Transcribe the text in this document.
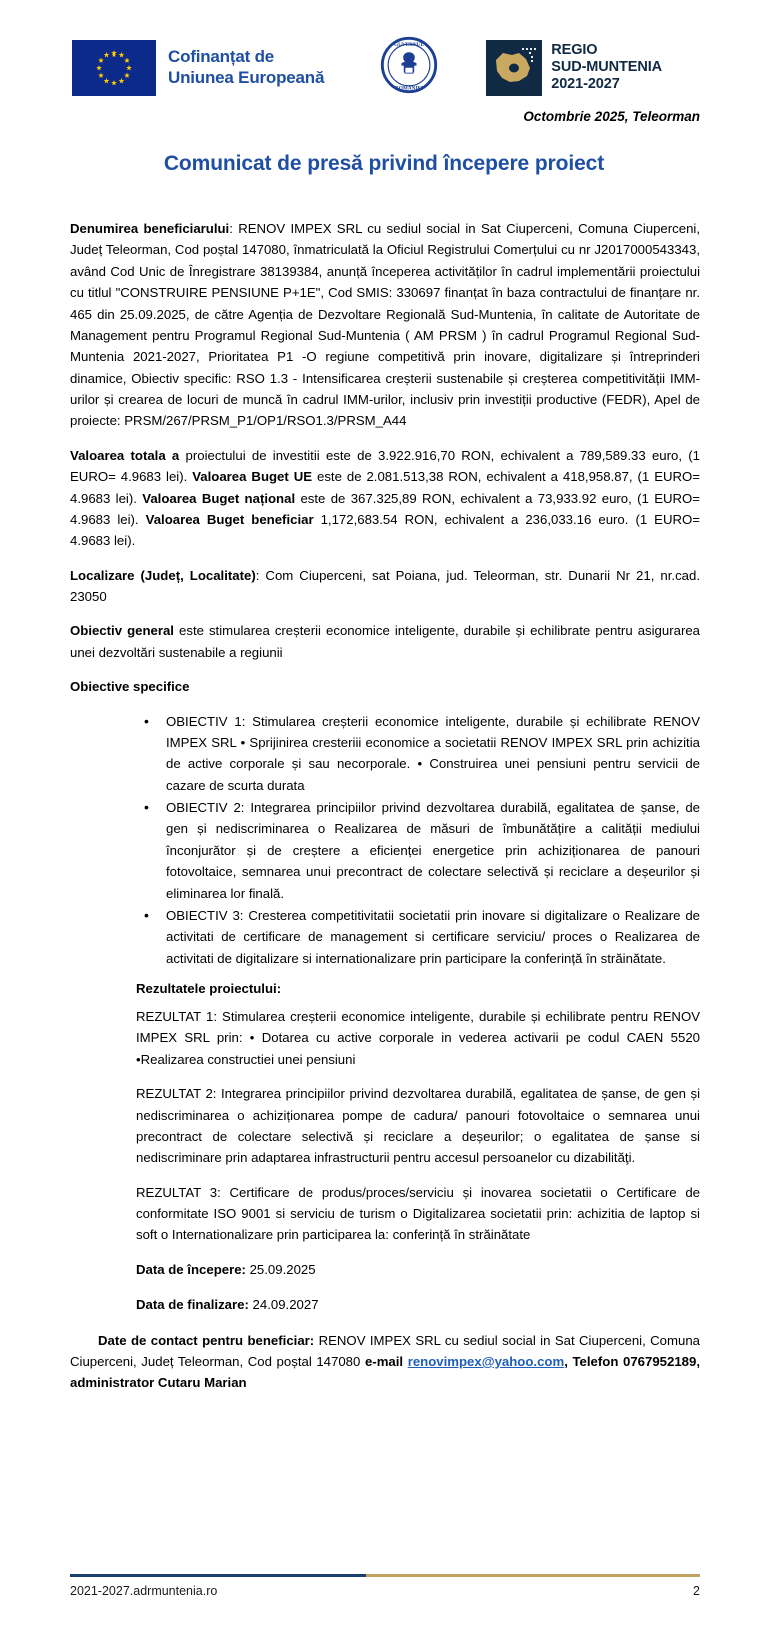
Cofinanțat de
Uniunea Europeană
GUVERNUL
ROMÂNIEI
REGIO
SUD-MUNTENIA
2021-2027
Octombrie 2025, Teleorman
Comunicat de presă privind începere proiect

Denumirea beneficiarului: RENOV IMPEX SRL cu sediul social in Sat Ciuperceni, Comuna Ciuperceni, Județ Teleorman, Cod poștal 147080, înmatriculată la Oficiul Registrului Comerțului cu nr J2017000543343, având Cod Unic de Înregistrare 38139384, anunță începerea activităților în cadrul implementării proiectului cu titlul "CONSTRUIRE PENSIUNE P+1E", Cod SMIS: 330697 finanțat în baza contractului de finanțare nr. 465 din 25.09.2025, de către Agenția de Dezvoltare Regională Sud-Muntenia, în calitate de Autoritate de Management pentru Programul Regional Sud-Muntenia ( AM PRSM ) în cadrul Programul Regional Sud-Muntenia 2021-2027, Prioritatea P1 -O regiune competitivă prin inovare, digitalizare și întreprinderi dinamice, Obiectiv specific: RSO 1.3 - Intensificarea creșterii sustenabile și creșterea competitivității IMM-urilor și crearea de locuri de muncă în cadrul IMM-urilor, inclusiv prin investiții productive (FEDR), Apel de proiecte: PRSM/267/PRSM_P1/OP1/RSO1.3/PRSM_A44

Valoarea totala a proiectului de investitii este de 3.922.916,70 RON, echivalent a 789,589.33 euro, (1 EURO= 4.9683 lei). Valoarea Buget UE este de 2.081.513,38 RON, echivalent a 418,958.87, (1 EURO= 4.9683 lei). Valoarea Buget național este de 367.325,89 RON, echivalent a 73,933.92 euro, (1 EURO= 4.9683 lei). Valoarea Buget beneficiar 1,172,683.54 RON, echivalent a 236,033.16 euro. (1 EURO= 4.9683 lei).

Localizare (Județ, Localitate): Com Ciuperceni, sat Poiana, jud. Teleorman, str. Dunarii Nr 21, nr.cad. 23050

Obiectiv general este stimularea creșterii economice inteligente, durabile și echilibrate pentru asigurarea unei dezvoltări sustenabile a regiunii

Obiective specifice

• OBIECTIV 1: Stimularea creșterii economice inteligente, durabile și echilibrate RENOV IMPEX SRL • Sprijinirea cresteriii economice a societatii RENOV IMPEX SRL prin achizitia de active corporale și sau necorporale. • Construirea unei pensiuni pentru servicii de cazare de scurta durata
• OBIECTIV 2: Integrarea principiilor privind dezvoltarea durabilă, egalitatea de șanse, de gen și nediscriminarea o Realizarea de măsuri de îmbunătățire a calității mediului înconjurător și de creștere a eficienței energetice prin achiziționarea de panouri fotovoltaice, semnarea unui precontract de colectare selectivă și reciclare a deșeurilor și eliminarea lor finală.
• OBIECTIV 3: Cresterea competitivitatii societatii prin inovare si digitalizare o Realizare de activitati de certificare de management si certificare serviciu/ proces o Realizarea de activitati de digitalizare si internationalizare prin participare la conferință în străinătate.
Rezultatele proiectului:

REZULTAT 1: Stimularea creșterii economice inteligente, durabile și echilibrate pentru RENOV IMPEX SRL prin: • Dotarea cu active corporale in vederea activarii pe codul CAEN 5520 •Realizarea constructiei unei pensiuni

REZULTAT 2: Integrarea principiilor privind dezvoltarea durabilă, egalitatea de șanse, de gen și nediscriminarea o achiziționarea pompe de cadura/ panouri fotovoltaice o semnarea unui precontract de colectare selectivă și reciclare a deșeurilor; o egalitatea de șanse si nediscriminare prin adaptarea infrastructurii pentru accesul persoanelor cu dizabilităţi.

REZULTAT 3: Certificare de produs/proces/serviciu și inovarea societatii o Certificare de conformitate ISO 9001 si serviciu de turism o Digitalizarea societatii prin: achizitia de laptop si soft o Internationalizare prin participarea la: conferință în străinătate

Data de începere: 25.09.2025

Data de finalizare: 24.09.2027

Date de contact pentru beneficiar: RENOV IMPEX SRL cu sediul social in Sat Ciuperceni, Comuna Ciuperceni, Județ Teleorman, Cod poștal 147080 e-mail renovimpex@yahoo.com, Telefon 0767952189, administrator Cutaru Marian

2021-2027.adrmuntenia.ro	2
